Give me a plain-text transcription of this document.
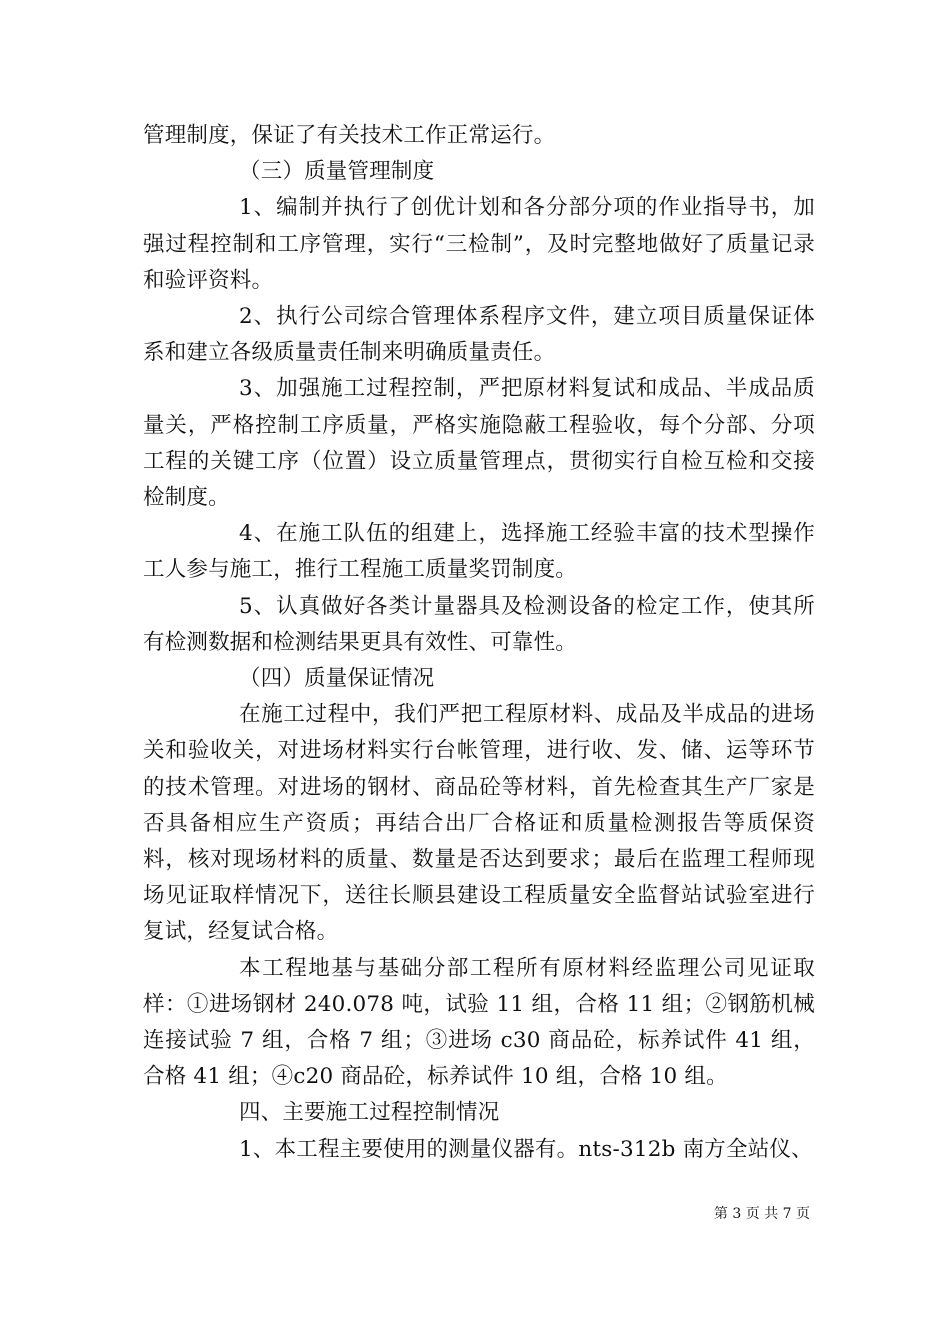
管理制度，保证了有关技术工作正常运行。

（三）质量管理制度

1、编制并执行了创优计划和各分部分项的作业指导书，加强过程控制和工序管理，实行“三检制”，及时完整地做好了质量记录和验评资料。

2、执行公司综合管理体系程序文件，建立项目质量保证体系和建立各级质量责任制来明确质量责任。

3、加强施工过程控制，严把原材料复试和成品、半成品质量关，严格控制工序质量，严格实施隐蔽工程验收，每个分部、分项工程的关键工序（位置）设立质量管理点，贯彻实行自检互检和交接检制度。

4、在施工队伍的组建上，选择施工经验丰富的技术型操作工人参与施工，推行工程施工质量奖罚制度。

5、认真做好各类计量器具及检测设备的检定工作，使其所有检测数据和检测结果更具有效性、可靠性。

（四）质量保证情况

在施工过程中，我们严把工程原材料、成品及半成品的进场关和验收关，对进场材料实行台帐管理，进行收、发、储、运等环节的技术管理。对进场的钢材、商品砼等材料，首先检查其生产厂家是否具备相应生产资质；再结合出厂合格证和质量检测报告等质保资料，核对现场材料的质量、数量是否达到要求；最后在监理工程师现场见证取样情况下，送往长顺县建设工程质量安全监督站试验室进行复试，经复试合格。

本工程地基与基础分部工程所有原材料经监理公司见证取样：①进场钢材 240.078 吨，试验 11 组，合格 11 组；②钢筋机械连接试验 7 组，合格 7 组；③进场 c30 商品砼，标养试件 41 组，合格 41 组；④c20 商品砼，标养试件 10 组，合格 10 组。

四、主要施工过程控制情况

1、本工程主要使用的测量仪器有。nts-312b 南方全站仪、

第 3 页 共 7 页
